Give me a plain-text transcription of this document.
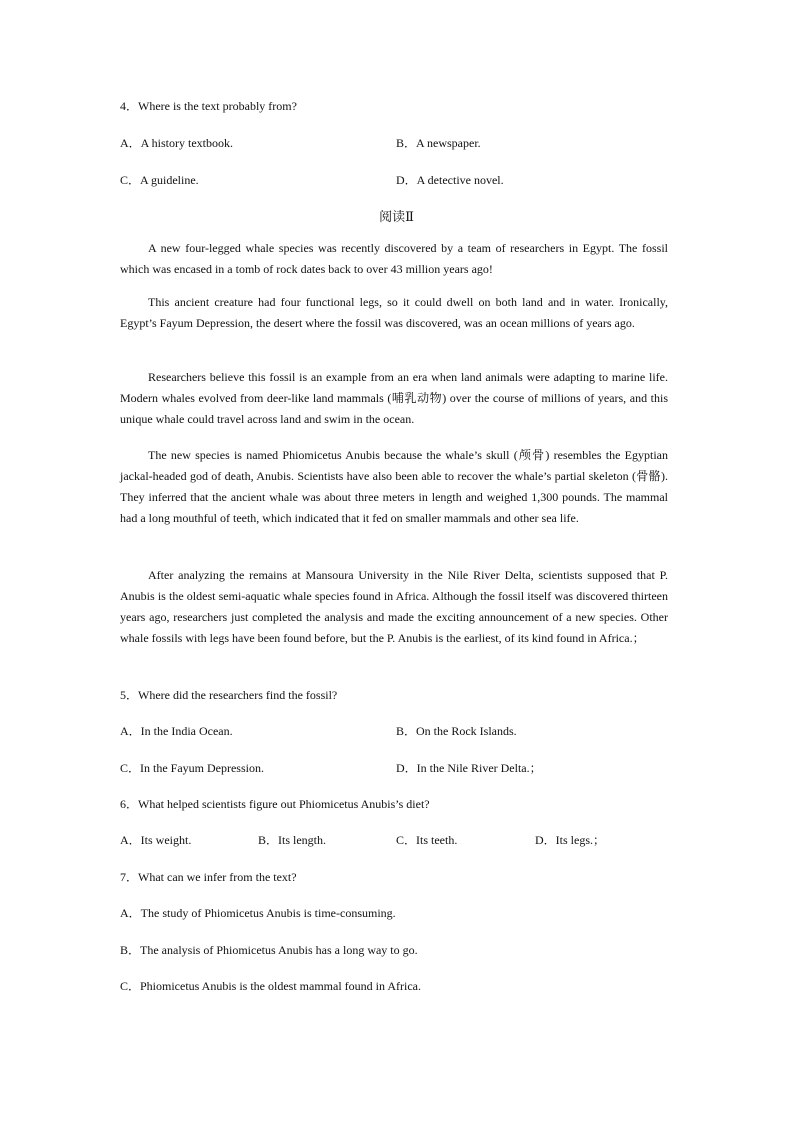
4．Where is the text probably from?
A．A history textbook.	B．A newspaper.
C．A guideline.	D．A detective novel.
阅读Ⅱ
A new four-legged whale species was recently discovered by a team of researchers in Egypt. The fossil which was encased in a tomb of rock dates back to over 43 million years ago!
This ancient creature had four functional legs, so it could dwell on both land and in water. Ironically, Egypt’s Fayum Depression, the desert where the fossil was discovered, was an ocean millions of years ago.
Researchers believe this fossil is an example from an era when land animals were adapting to marine life. Modern whales evolved from deer-like land mammals (哺乳动物) over the course of millions of years, and this unique whale could travel across land and swim in the ocean.
The new species is named Phiomicetus Anubis because the whale’s skull (颅骨) resembles the Egyptian jackal-headed god of death, Anubis. Scientists have also been able to recover the whale’s partial skeleton (骨骼). They inferred that the ancient whale was about three meters in length and weighed 1,300 pounds. The mammal had a long mouthful of teeth, which indicated that it fed on smaller mammals and other sea life.
After analyzing the remains at Mansoura University in the Nile River Delta, scientists supposed that P. Anubis is the oldest semi-aquatic whale species found in Africa. Although the fossil itself was discovered thirteen years ago, researchers just completed the analysis and made the exciting announcement of a new species. Other whale fossils with legs have been found before, but the P. Anubis is the earliest, of its kind found in Africa.；
5．Where did the researchers find the fossil?
A．In the India Ocean.	B．On the Rock Islands.
C．In the Fayum Depression.	D．In the Nile River Delta.；
6．What helped scientists figure out Phiomicetus Anubis’s diet?
A．Its weight.	B．Its length.	C．Its teeth.	D．Its legs.；
7．What can we infer from the text?
A．The study of Phiomicetus Anubis is time-consuming.
B．The analysis of Phiomicetus Anubis has a long way to go.
C．Phiomicetus Anubis is the oldest mammal found in Africa.
